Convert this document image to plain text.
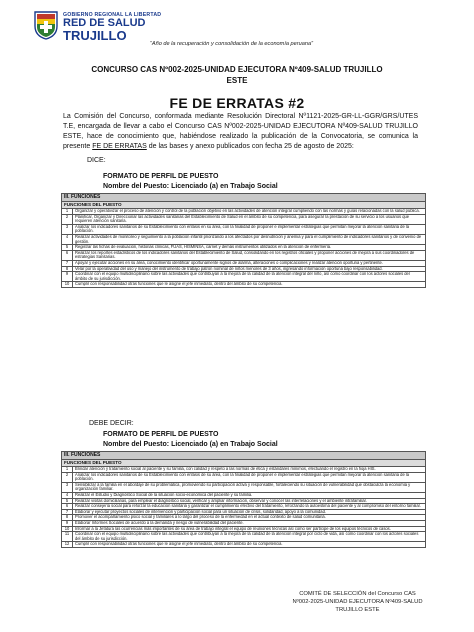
GOBIERNO REGIONAL LA LIBERTAD
RED DE SALUD
TRUJILLO
“Año de la recuperación y consolidación de la economía peruana”
CONCURSO CAS Nº002-2025-UNIDAD EJECUTORA Nº409-SALUD TRUJILLO
ESTE
FE DE ERRATAS #2
La Comisión del Concurso, conformada mediante Resolución Directoral Nº1121-2025-GR-LL-GGR/GRS/UTES T.E, encargada de llevar a cabo el Concurso CAS Nº002-2025-UNIDAD EJECUTORA Nº409-SALUD TRUJILLO ESTE, hace de conocimiento que, habiéndose realizado la publicación de la Convocatoria, se comunica la presente FE DE ERRATAS de las bases y anexo publicados con fecha 25 de agosto de 2025:
DICE:
FORMATO DE PERFIL DE PUESTO
Nombre del Puesto: Licenciado (a) en Trabajo Social
III. FUNCIONES	
FUNCIONES DEL PUESTO	
1	Organizar y operativizar el proceso de atención y control de la población objetivo en las actividades de atención integral cumpliendo con las normas y guías relacionadas con la salud pública.
2	Planificar, Organizar y Direccionar las actividades sanitarias del Establecimiento de Salud en el ámbito de su competencia, para asegurar la prestación de su servicio a los usuarios que requieren atención sanitaria.
3	Analizar los indicadores sanitarios de su Establecimiento con énfasis en su área, con la finalidad de proponer e implementar estrategias que permitan mejorar la atención sanitaria de la población.
4	Realizar actividades de monitoreo y seguimiento a la población infantil priorizando a los afectados por desnutrición y anemia y para el cumplimiento de indicadores sanitarios y de convenio de gestión.
5	Registrar las fichas de evaluación, historias clínicas, FUAS, HISMINSA, carnet y demás instrumentos utilizados en la atención de enfermería.
6	Realizar los reportes estadísticos de los indicadores sanitarios del Establecimiento de Salud, consolidando en los registros oficiales y proponer acciones de mejora a sus coordinadores de estrategias Sanitarias.
7	Apoyar y ejecutar acciones en su área, conocimiento identificar oportunamente signos de alarma, alteraciones o complicaciones y realizar atención oportuna y pertinente.
8	Velar por la operatividad del uso y manejo del instrumento de trabajo patrón nominal de niños menores de 3 años, ingresando información oportuna bajo responsabilidad.
9	Coordinar con el equipo multidisciplinario sobre las actividades que contribuyan a la mejora de la calidad de la atención integral del niño, así como coordinar con los actores sociales del ámbito de su jurisdicción.
10	Cumplir con responsabilidad otras funciones que le asigne el jefe inmediato, dentro del ámbito de su competencia.
DEBE DECIR:
FORMATO DE PERFIL DE PUESTO
Nombre del Puesto: Licenciado (a) en Trabajo Social
III. FUNCIONES	
FUNCIONES DEL PUESTO	
1	Brindar atención y tratamiento social al paciente y su familia, con calidad y respeto a las normas de ética y estándares mínimos, efectuando el registro en la hoja HIS.
2	Analizar los indicadores sanitarios de su Establecimiento con énfasis de su área, con la finalidad de proponer e implementar estrategias que permitan mejorar la atención sanitaria de la población.
3	Sensibilizar a la familia en el abordaje de su problemática, promoviendo su participación activa y responsable, fortaleciendo su situación de vulnerabilidad que obstaculiza la economía y organización familiar.
4	Realizar el Estudio y Diagnóstico Social de la situación socio-económica del paciente y su familia.
5	Realizar visitas domiciliarias, para emplear el diagnóstico social, verificar y ampliar información, observar y conocer las interrelaciones y el ambiente intrafamiliar.
6	Realizar consejería social para reforzar la educación sanitaria y garantizar el cumplimiento efectivo del tratamiento, reforzando la autoestima del paciente y al compromiso del entorno familiar.
7	Elaborar y ejecutar proyectos sociales de intervención y participación social para un situación de crisis, solidaridad, apoyo a la comunidad.
8	Promover el acompañamiento psico social y familiares a lo largo del proceso de la enfermedad en el actual contexto de salud comunitaria.
9	Elaborar Informes Sociales de acuerdo a la demanda y riesgo de vulnerabilidad del paciente.
10	Informar a la Jefatura las ocurrencias más importantes de su área de trabajo integral el equipo de reuniones técnicas así como ser partícipe de los equipos técnicos de casos.
11	Coordinar con el equipo multidisciplinario sobre las actividades que contribuyan a la mejora de la calidad de la atención integral por ciclo de vida, así como coordinar con los actores sociales del ámbito de su jurisdicción.
12	Cumplir con responsabilidad otras funciones que le asigne el jefe inmediato, dentro del ámbito de su competencia.
COMITÉ DE SELECCIÓN del Concurso CAS
Nº002-2025-UNIDAD EJECUTORA Nº409-SALUD
TRUJILLO ESTE
